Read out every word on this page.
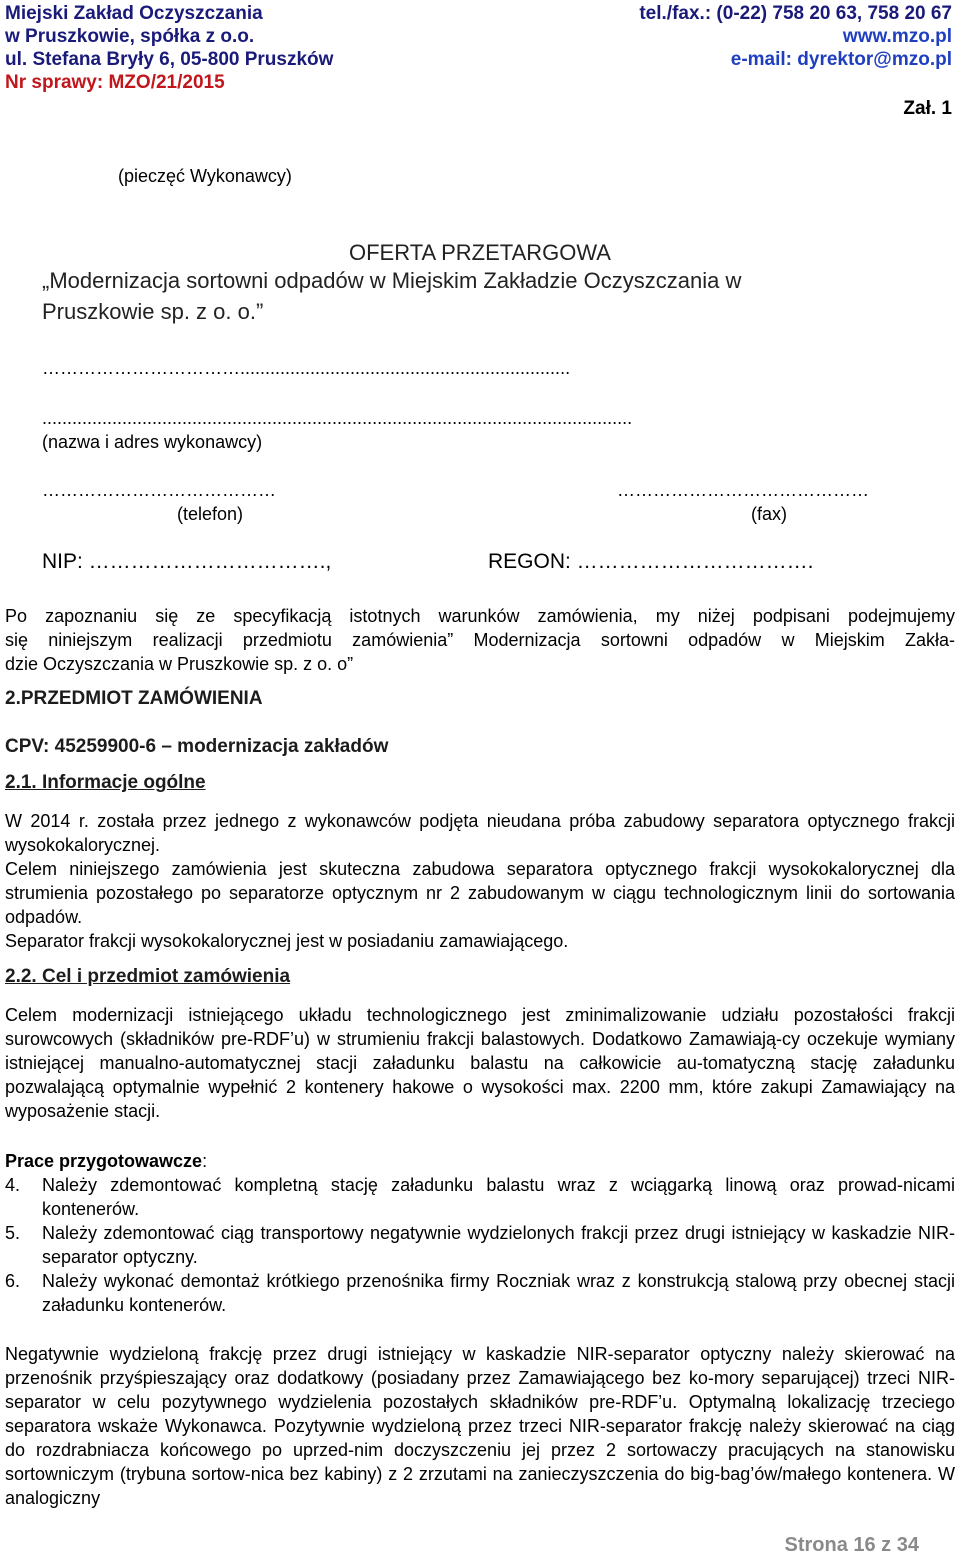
Miejski Zakład Oczyszczania
w Pruszkowie, spółka z o.o.
ul. Stefana Bryły 6, 05-800 Pruszków
Nr sprawy: MZO/21/2015
tel./fax.: (0-22) 758 20 63, 758 20 67
www.mzo.pl
e-mail: dyrektor@mzo.pl
Zał. 1
(pieczęć Wykonawcy)
OFERTA PRZETARGOWA
„Modernizacja sortowni odpadów w Miejskim Zakładzie Oczyszczania w
Pruszkowie sp. z o. o.”
……………………………..................................................................
......................................................................................................................
(nazwa i adres wykonawcy)
…………………………………
(telefon)
……………………………………
(fax)
NIP: …………………………….,	REGON: …………………………….
Po zapoznaniu się ze specyfikacją istotnych warunków zamówienia, my niżej podpisani podejmujemy
się niniejszym realizacji przedmiotu zamówienia” Modernizacja sortowni odpadów w Miejskim Zakła-
dzie Oczyszczania w Pruszkowie sp. z o. o”
2.PRZEDMIOT ZAMÓWIENIA
CPV: 45259900-6 – modernizacja zakładów
2.1. Informacje ogólne
W 2014 r. została przez jednego z wykonawców podjęta nieudana próba zabudowy separatora optycznego frakcji wysokokalorycznej.
Celem niniejszego zamówienia jest skuteczna zabudowa separatora optycznego frakcji wysokokalorycznej dla strumienia pozostałego po separatorze optycznym nr 2 zabudowanym w ciągu technologicznym linii do sortowania odpadów.
Separator frakcji wysokokalorycznej jest w posiadaniu zamawiającego.
2.2. Cel i przedmiot zamówienia
Celem modernizacji istniejącego układu technologicznego jest zminimalizowanie udziału pozostałości frakcji surowcowych (składników pre-RDF’u) w strumieniu frakcji balastowych. Dodatkowo Zamawiają-cy oczekuje wymiany istniejącej manualno-automatycznej stacji załadunku balastu na całkowicie au-tomatyczną stację załadunku pozwalającą optymalnie wypełnić 2 kontenery hakowe o wysokości max. 2200 mm, które zakupi Zamawiający na wyposażenie stacji.
Prace przygotowawcze:
4. Należy zdemontować kompletną stację załadunku balastu wraz z wciągarką linową oraz prowad-nicami kontenerów.
5. Należy zdemontować ciąg transportowy negatywnie wydzielonych frakcji przez drugi istniejący w kaskadzie NIR-separator optyczny.
6. Należy wykonać demontaż krótkiego przenośnika firmy Roczniak wraz z konstrukcją stalową przy obecnej stacji załadunku kontenerów.
Negatywnie wydzieloną frakcję przez drugi istniejący w kaskadzie NIR-separator optyczny należy skierować na przenośnik przyśpieszający oraz dodatkowy (posiadany przez Zamawiającego bez ko-mory separującej) trzeci NIR-separator w celu pozytywnego wydzielenia pozostałych składników pre-RDF’u. Optymalną lokalizację trzeciego separatora wskaże Wykonawca. Pozytywnie wydzieloną przez trzeci NIR-separator frakcję należy skierować na ciąg do rozdrabniacza końcowego po uprzed-nim doczyszczeniu jej przez 2 sortowaczy pracujących na stanowisku sortowniczym (trybuna sortow-nica bez kabiny) z 2 zrzutami na zanieczyszczenia do big-bag’ów/małego kontenera. W analogiczny
Strona 16 z 34
